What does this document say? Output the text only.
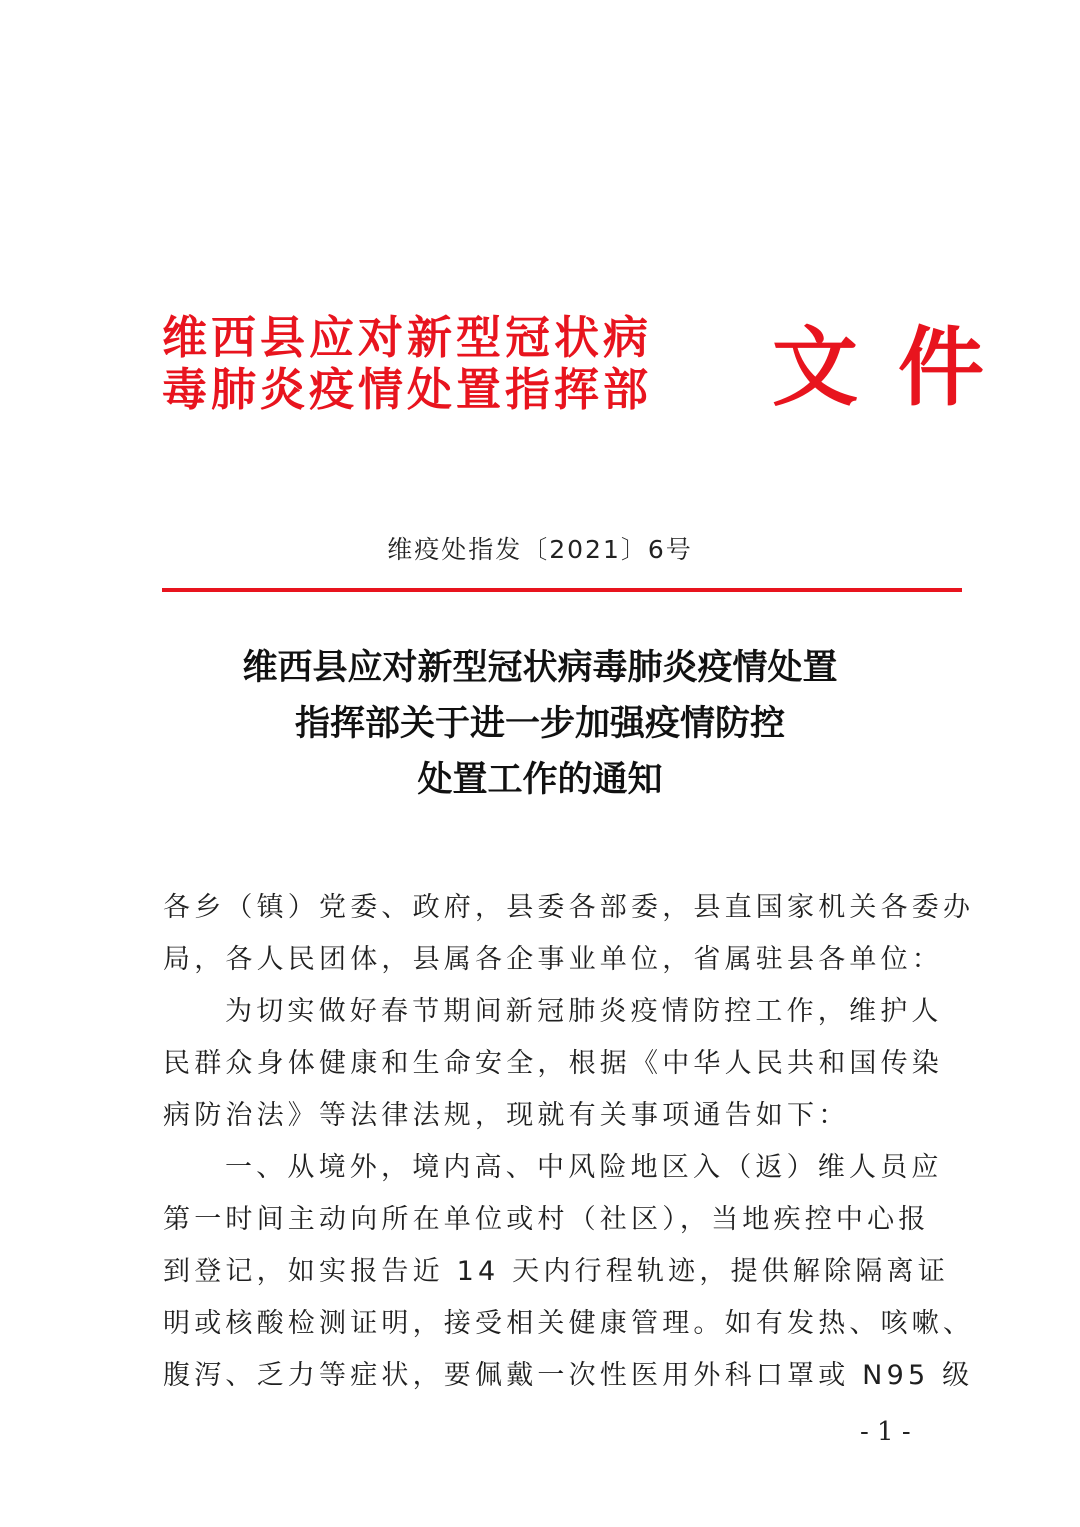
维西县应对新型冠状病
毒肺炎疫情处置指挥部	文件
维疫处指发〔2021〕6号
维西县应对新型冠状病毒肺炎疫情处置
指挥部关于进一步加强疫情防控
处置工作的通知
各乡（镇）党委、政府，县委各部委，县直国家机关各委办
局，各人民团体，县属各企事业单位，省属驻县各单位：
为切实做好春节期间新冠肺炎疫情防控工作，维护人
民群众身体健康和生命安全，根据《中华人民共和国传染
病防治法》等法律法规，现就有关事项通告如下：
一、从境外，境内高、中风险地区入（返）维人员应
第一时间主动向所在单位或村（社区），当地疾控中心报
到登记，如实报告近 14 天内行程轨迹，提供解除隔离证
明或核酸检测证明，接受相关健康管理。如有发热、咳嗽、
腹泻、乏力等症状，要佩戴一次性医用外科口罩或 N95 级
- 1 -
